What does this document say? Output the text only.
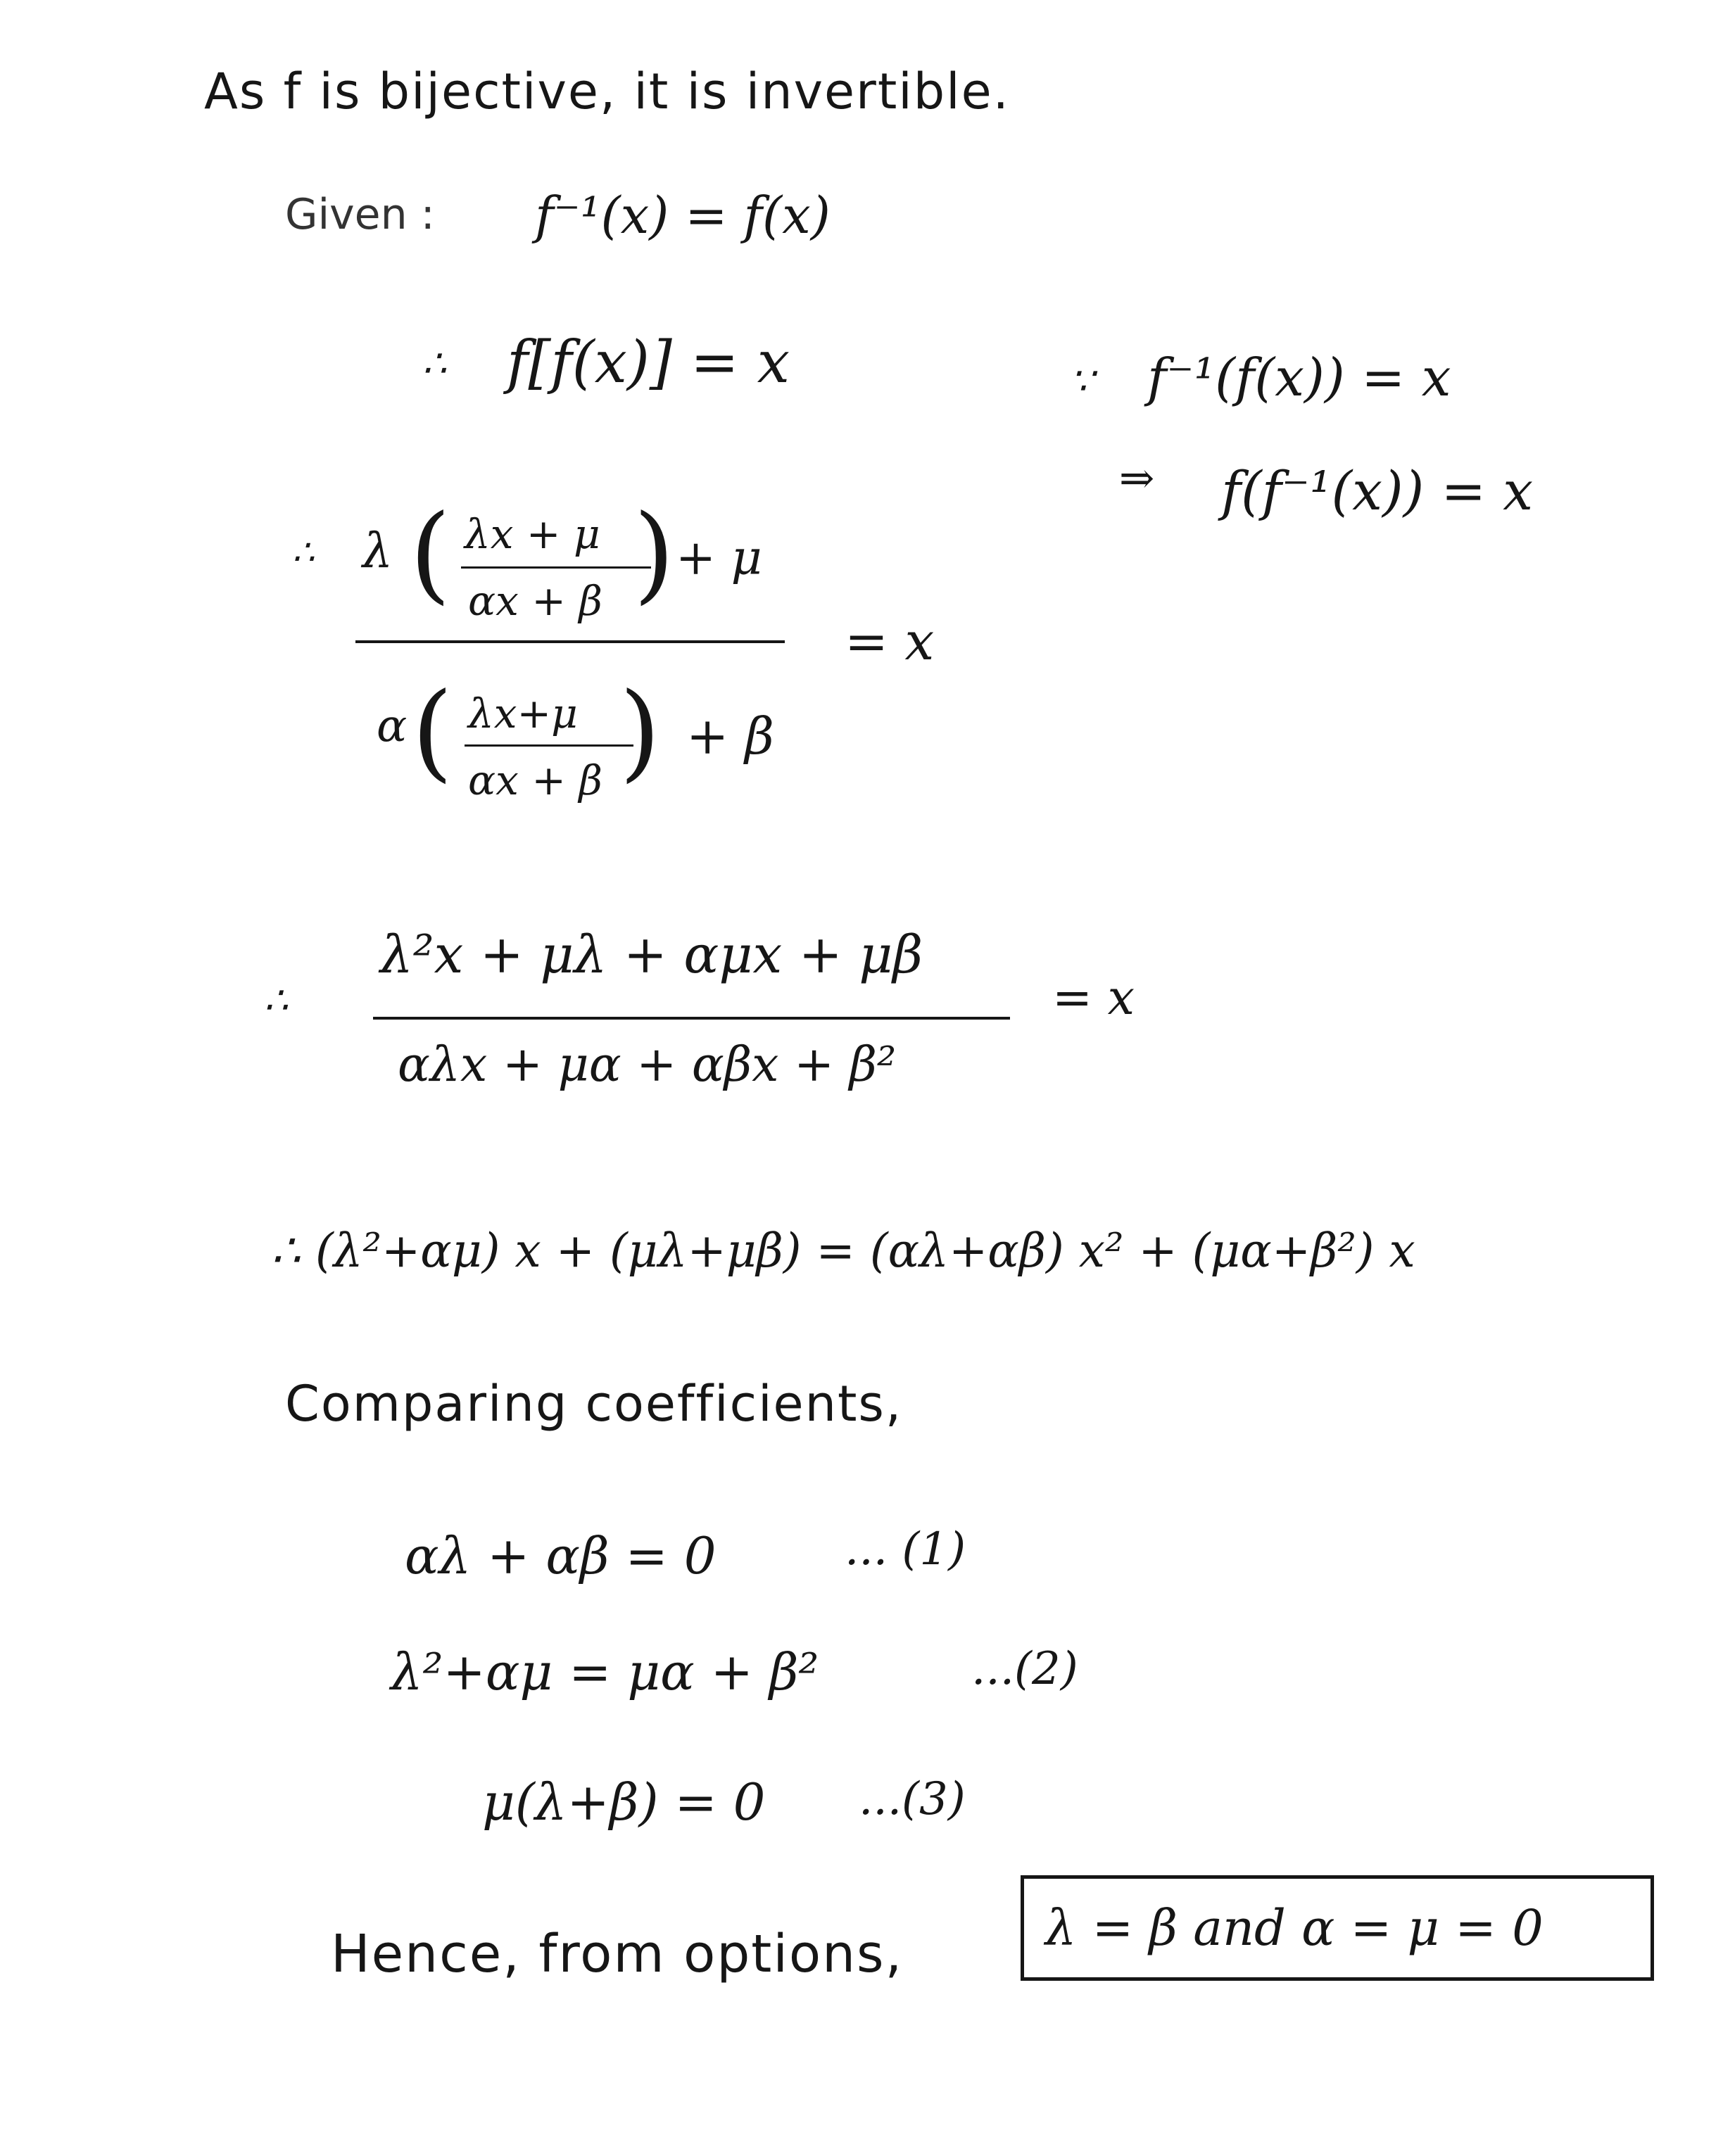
As f is bijective, it is invertible.
Given : f⁻¹(x) = f(x)
∴ f[f(x)] = x	∵ f⁻¹(f(x)) = x
⇒ f(f⁻¹(x)) = x
∴ λ ( λx + μ
αx + β ) + μ
= x
α ( λx+μ
αx + β ) + β
∴
λ²x + μλ + αμx + μβ
αλx + μα + αβx + β²
= x
∴ (λ²+αμ) x + (μλ+μβ) = (αλ+αβ) x² + (μα+β²) x
Comparing coefficients,
αλ + αβ = 0	... (1)
λ²+αμ = μα + β²	...(2)
μ(λ+β) = 0 ...(3)
Hence, from options,	λ = β and α = μ = 0
